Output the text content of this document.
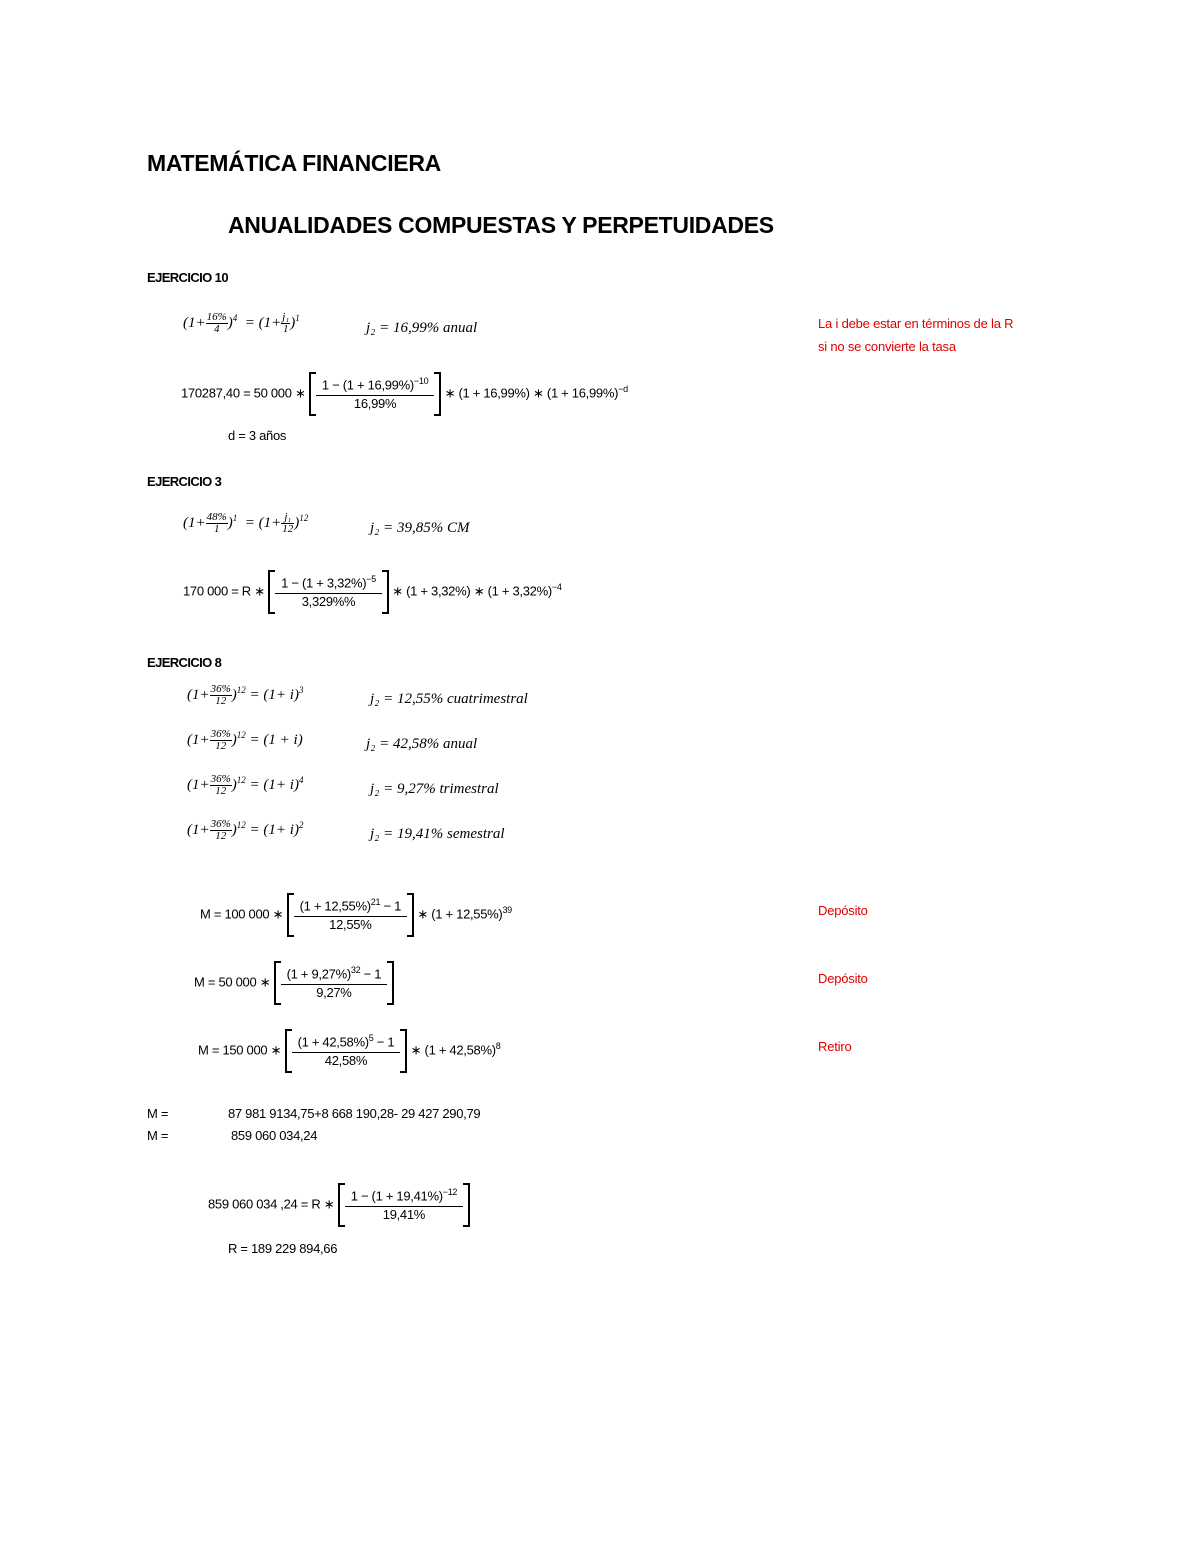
MATEMÁTICA FINANCIERA
ANUALIDADES COMPUESTAS Y PERPETUIDADES
EJERCICIO 10
$(1+ \frac{16\%}{4} )^4 = (1+ \frac{\text{j₁}}{1} )^1$
j₂ = 16,99% anual	La i debe estar en términos de la R
si no se convierte la tasa
170287,40 = 50 000 ∗ $\frac{1 - (1 + 16,99\%)^{-10}}{16,99\%}$ ∗ (1 + 16,99%) ∗ $(1 + 16,99\%)^{-d}$
d = 3 años
EJERCICIO 3
$(1+ \frac{48\%}{1} )^1 = (1+ \frac{\text{j₁}}{12} )^{12}$
j₂ = 39,85% CM
170 000 = R ∗ $\frac{1 - (1 + 3,32\%)^{-5}}{3,329\%\%}$ ∗ (1 + 3,32%) ∗ $(1 + 3,32\%)^{-4}$
EJERCICIO 8
$(1+ \frac{36\%}{12} )^{12} = (1+ i)^3$
j₂ = 12,55% cuatrimestral
$(1+ \frac{36\%}{12} )^{12} = (1 + i)$	j₂ = 42,58% anual
$(1+ \frac{36\%}{12} )^{12} = (1+ i)^4$
j₂ = 9,27% trimestral
$(1+ \frac{36\%}{12} )^{12} = (1+ i)^2$
j₂ = 19,41% semestral
M = 100 000 ∗ $\frac{(1 + 12,55\%)^{21} - 1}{12,55\%}$ ∗ $(1 + 12,55\%)^{39}$	Depósito
M = 50 000 ∗ $\frac{(1 + 9,27\%)^{32} - 1}{9,27\%}$	Depósito
M = 150 000 ∗ $\frac{(1 + 42,58\%)^5 - 1}{42,58\%}$ ∗ $(1 + 42,58\%)^8$	Retiro
M =	87 981 9134,75+8 668 190,28- 29 427 290,79
M =	859 060 034,24
859 060 034 ,24 = R ∗ $\frac{1 - (1 + 19,41\%)^{-12}}{19,41\%}$
R = 189 229 894,66
